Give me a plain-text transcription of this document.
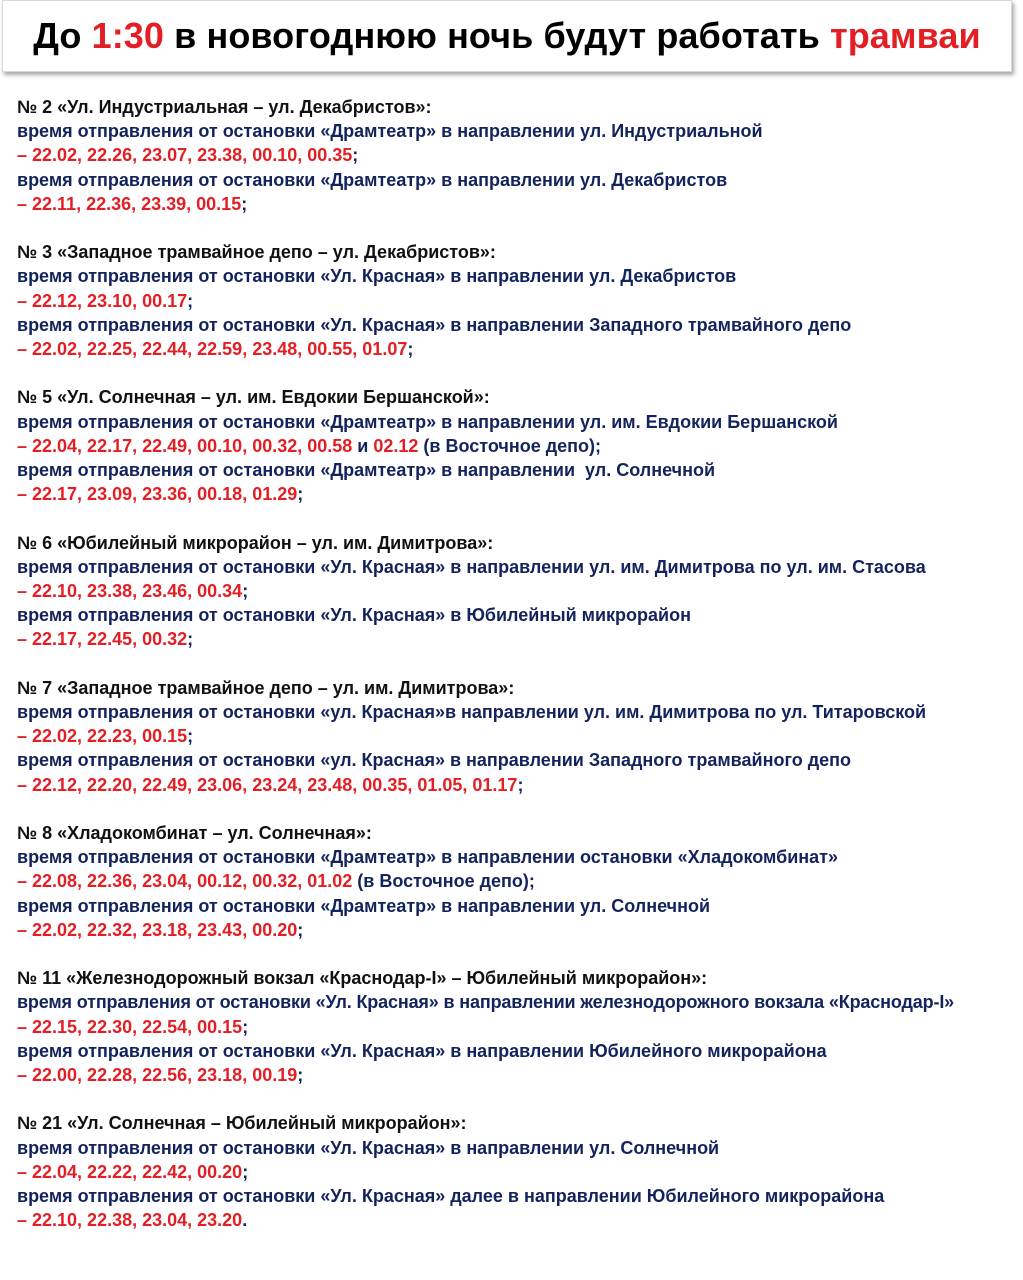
До 1:30 в новогоднюю ночь будут работать трамваи
№ 2 «Ул. Индустриальная – ул. Декабристов»:
время отправления от остановки «Драмтеатр» в направлении ул. Индустриальной
– 22.02, 22.26, 23.07, 23.38, 00.10, 00.35;
время отправления от остановки «Драмтеатр» в направлении ул. Декабристов
– 22.11, 22.36, 23.39, 00.15;
№ 3 «Западное трамвайное депо – ул. Декабристов»:
время отправления от остановки «Ул. Красная» в направлении ул. Декабристов
– 22.12, 23.10, 00.17;
время отправления от остановки «Ул. Красная» в направлении Западного трамвайного депо
– 22.02, 22.25, 22.44, 22.59, 23.48, 00.55, 01.07;
№ 5 «Ул. Солнечная – ул. им. Евдокии Бершанской»:
время отправления от остановки «Драмтеатр» в направлении ул. им. Евдокии Бершанской
– 22.04, 22.17, 22.49, 00.10, 00.32, 00.58 и 02.12 (в Восточное депо);
время отправления от остановки «Драмтеатр» в направлении  ул. Солнечной
– 22.17, 23.09, 23.36, 00.18, 01.29;
№ 6 «Юбилейный микрорайон – ул. им. Димитрова»:
время отправления от остановки «Ул. Красная» в направлении ул. им. Димитрова по ул. им. Стасова
– 22.10, 23.38, 23.46, 00.34;
время отправления от остановки «Ул. Красная» в Юбилейный микрорайон
– 22.17, 22.45, 00.32;
№ 7 «Западное трамвайное депо – ул. им. Димитрова»:
время отправления от остановки «ул. Красная»в направлении ул. им. Димитрова по ул. Титаровской
– 22.02, 22.23, 00.15;
время отправления от остановки «ул. Красная» в направлении Западного трамвайного депо
– 22.12, 22.20, 22.49, 23.06, 23.24, 23.48, 00.35, 01.05, 01.17;
№ 8 «Хладокомбинат – ул. Солнечная»:
время отправления от остановки «Драмтеатр» в направлении остановки «Хладокомбинат»
– 22.08, 22.36, 23.04, 00.12, 00.32, 01.02 (в Восточное депо);
время отправления от остановки «Драмтеатр» в направлении ул. Солнечной
– 22.02, 22.32, 23.18, 23.43, 00.20;
№ 11 «Железнодорожный вокзал «Краснодар-I» – Юбилейный микрорайон»:
время отправления от остановки «Ул. Красная» в направлении железнодорожного вокзала «Краснодар-I»
– 22.15, 22.30, 22.54, 00.15;
время отправления от остановки «Ул. Красная» в направлении Юбилейного микрорайона
– 22.00, 22.28, 22.56, 23.18, 00.19;
№ 21 «Ул. Солнечная – Юбилейный микрорайон»:
время отправления от остановки «Ул. Красная» в направлении ул. Солнечной
– 22.04, 22.22, 22.42, 00.20;
время отправления от остановки «Ул. Красная» далее в направлении Юбилейного микрорайона
– 22.10, 22.38, 23.04, 23.20.
